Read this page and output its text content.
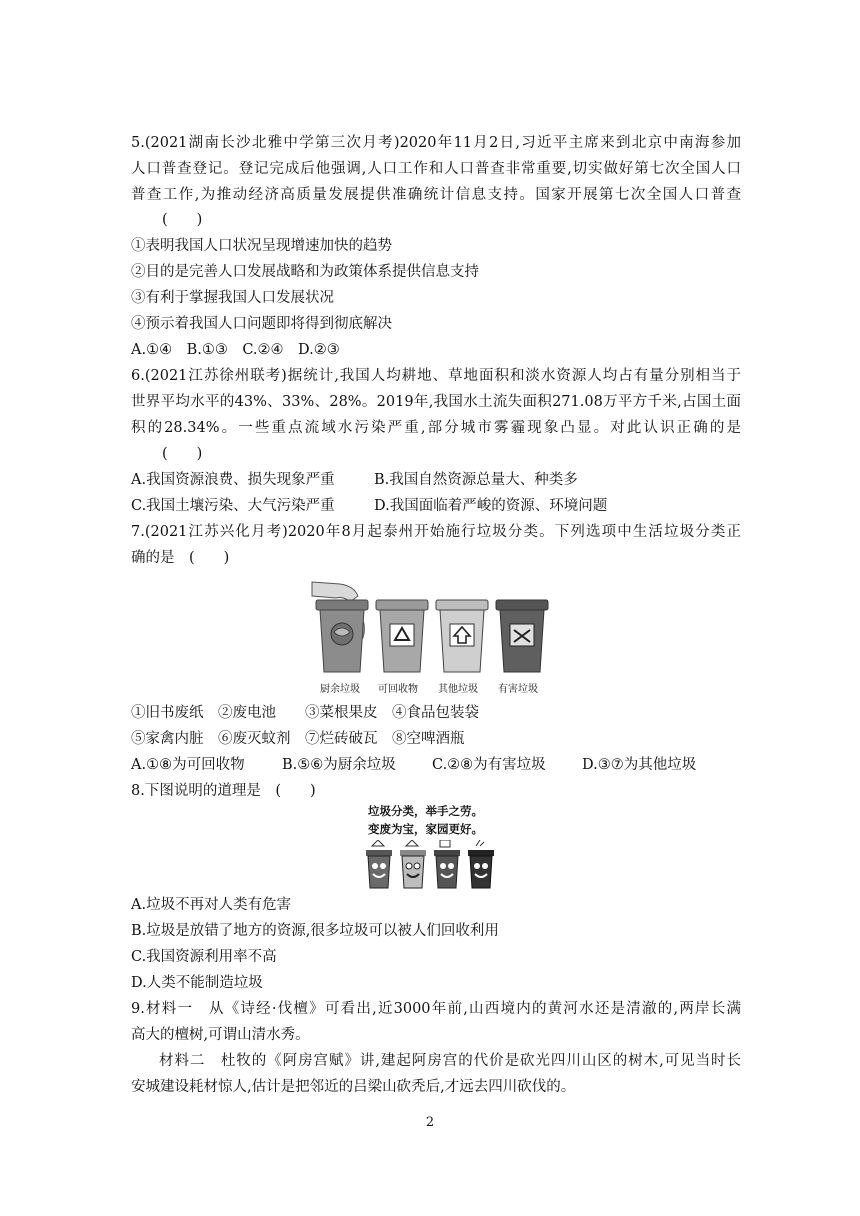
5.(2021湖南长沙北雅中学第三次月考)2020年11月2日,习近平主席来到北京中南海参加
人口普查登记。登记完成后他强调,人口工作和人口普查非常重要,切实做好第七次全国人口
普查工作,为推动经济高质量发展提供准确统计信息支持。国家开展第七次全国人口普查
(　　)
①表明我国人口状况呈现增速加快的趋势
②目的是完善人口发展战略和为政策体系提供信息支持
③有利于掌握我国人口发展状况
④预示着我国人口问题即将得到彻底解决
A.①④　B.①③　C.②④　D.②③
6.(2021江苏徐州联考)据统计,我国人均耕地、草地面积和淡水资源人均占有量分别相当于
世界平均水平的43%、33%、28%。2019年,我国水土流失面积271.08万平方千米,占国土面
积的28.34%。一些重点流域水污染严重,部分城市雾霾现象凸显。对此认识正确的是
(　　)
A.我国资源浪费、损失现象严重	B.我国自然资源总量大、种类多
C.我国土壤污染、大气污染严重	D.我国面临着严峻的资源、环境问题
7.(2021江苏兴化月考)2020年8月起泰州开始施行垃圾分类。下列选项中生活垃圾分类正
确的是　(　　)
厨余垃圾 可回收物 其他垃圾 有害垃圾
①旧书废纸　②废电池　　③菜根果皮　④食品包装袋
⑤家禽内脏　⑥废灭蚊剂　⑦烂砖破瓦　⑧空啤酒瓶
A.①⑧为可回收物	B.⑤⑥为厨余垃圾 C.②⑧为有害垃圾	D.③⑦为其他垃圾
8.下图说明的道理是　(　　)
垃圾分类，举手之劳。
变废为宝，家园更好。
A.垃圾不再对人类有危害
B.垃圾是放错了地方的资源,很多垃圾可以被人们回收利用
C.我国资源利用率不高
D.人类不能制造垃圾
9.材料一　从《诗经·伐檀》可看出,近3000年前,山西境内的黄河水还是清澈的,两岸长满
高大的檀树,可谓山清水秀。
材料二　杜牧的《阿房宫赋》讲,建起阿房宫的代价是砍光四川山区的树木,可见当时长
安城建设耗材惊人,估计是把邻近的吕梁山砍秃后,才远去四川砍伐的。
2
